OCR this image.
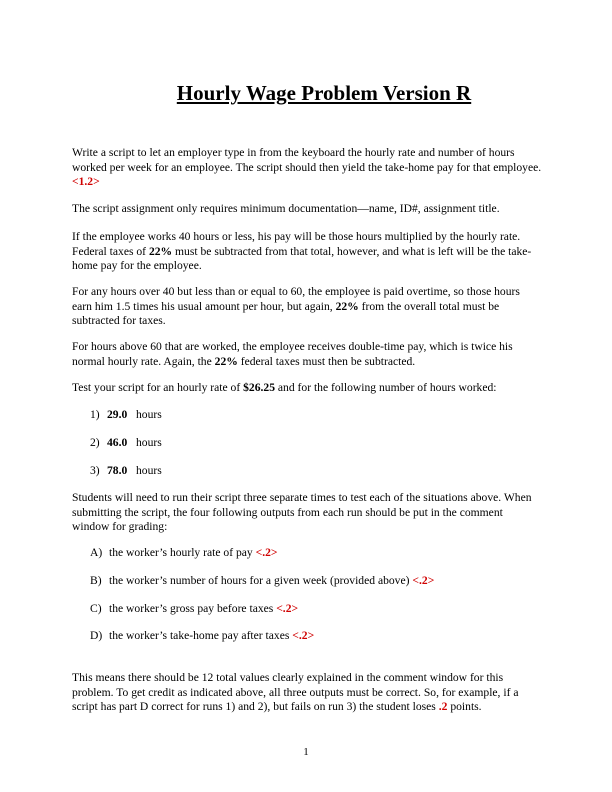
Hourly Wage Problem Version R

Write a script to let an employer type in from the keyboard the hourly rate and number of hours worked per week for an employee. The script should then yield the take-home pay for that employee. <1.2>

The script assignment only requires minimum documentation—name, ID#, assignment title.

If the employee works 40 hours or less, his pay will be those hours multiplied by the hourly rate. Federal taxes of 22% must be subtracted from that total, however, and what is left will be the take-home pay for the employee.

For any hours over 40 but less than or equal to 60, the employee is paid overtime, so those hours earn him 1.5 times his usual amount per hour, but again, 22% from the overall total must be subtracted for taxes.

For hours above 60 that are worked, the employee receives double-time pay, which is twice his normal hourly rate. Again, the 22% federal taxes must then be subtracted.

Test your script for an hourly rate of $26.25 and for the following number of hours worked:

1) 29.0 hours
2) 46.0 hours
3) 78.0 hours

Students will need to run their script three separate times to test each of the situations above. When submitting the script, the four following outputs from each run should be put in the comment window for grading:

A) the worker’s hourly rate of pay <.2>
B) the worker’s number of hours for a given week (provided above) <.2>
C) the worker’s gross pay before taxes <.2>
D) the worker’s take-home pay after taxes <.2>

This means there should be 12 total values clearly explained in the comment window for this problem. To get credit as indicated above, all three outputs must be correct. So, for example, if a script has part D correct for runs 1) and 2), but fails on run 3) the student loses .2 points.

1
